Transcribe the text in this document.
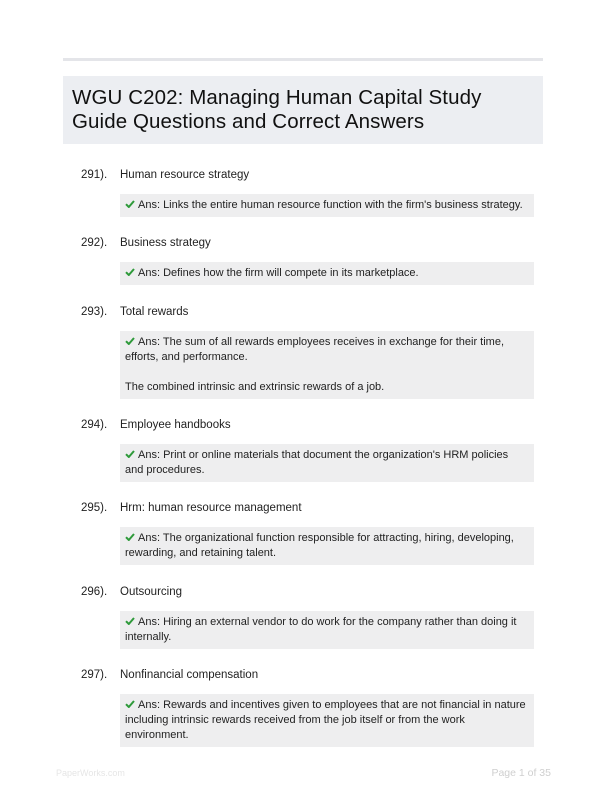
WGU C202: Managing Human Capital Study
Guide Questions and Correct Answers
291). Human resource strategy

Ans: Links the entire human resource function with the firm's business strategy.

292). Business strategy

Ans: Defines how the firm will compete in its marketplace.

293). Total rewards

Ans: The sum of all rewards employees receives in exchange for their time, efforts, and performance.

The combined intrinsic and extrinsic rewards of a job.

294). Employee handbooks

Ans: Print or online materials that document the organization's HRM policies and procedures.

295). Hrm: human resource management

Ans: The organizational function responsible for attracting, hiring, developing, rewarding, and retaining talent.

296). Outsourcing

Ans: Hiring an external vendor to do work for the company rather than doing it internally.

297). Nonfinancial compensation

Ans: Rewards and incentives given to employees that are not financial in nature including intrinsic rewards received from the job itself or from the work environment.

PaperWorks.com	Page 1 of 35
